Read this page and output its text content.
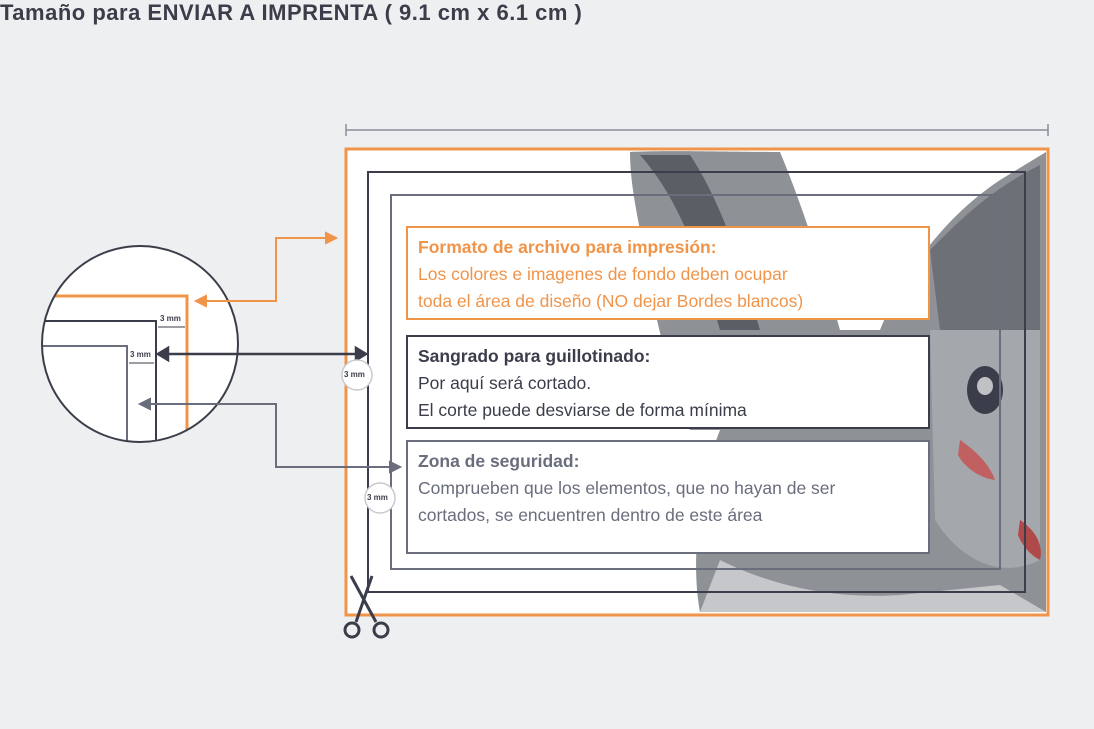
Tamaño para ENVIAR A IMPRENTA ( 9.1 cm x 6.1 cm )
3 mm
3 mm
3 mm
3 mm
Formato de archivo para impresión:
Los colores e imagenes de fondo deben ocupar
toda el área de diseño (NO dejar Bordes blancos)
Sangrado para guillotinado:
Por aquí será cortado.
El corte puede desviarse de forma mínima
Zona de seguridad:
Comprueben que los elementos, que no hayan de ser
cortados, se encuentren dentro de este área
